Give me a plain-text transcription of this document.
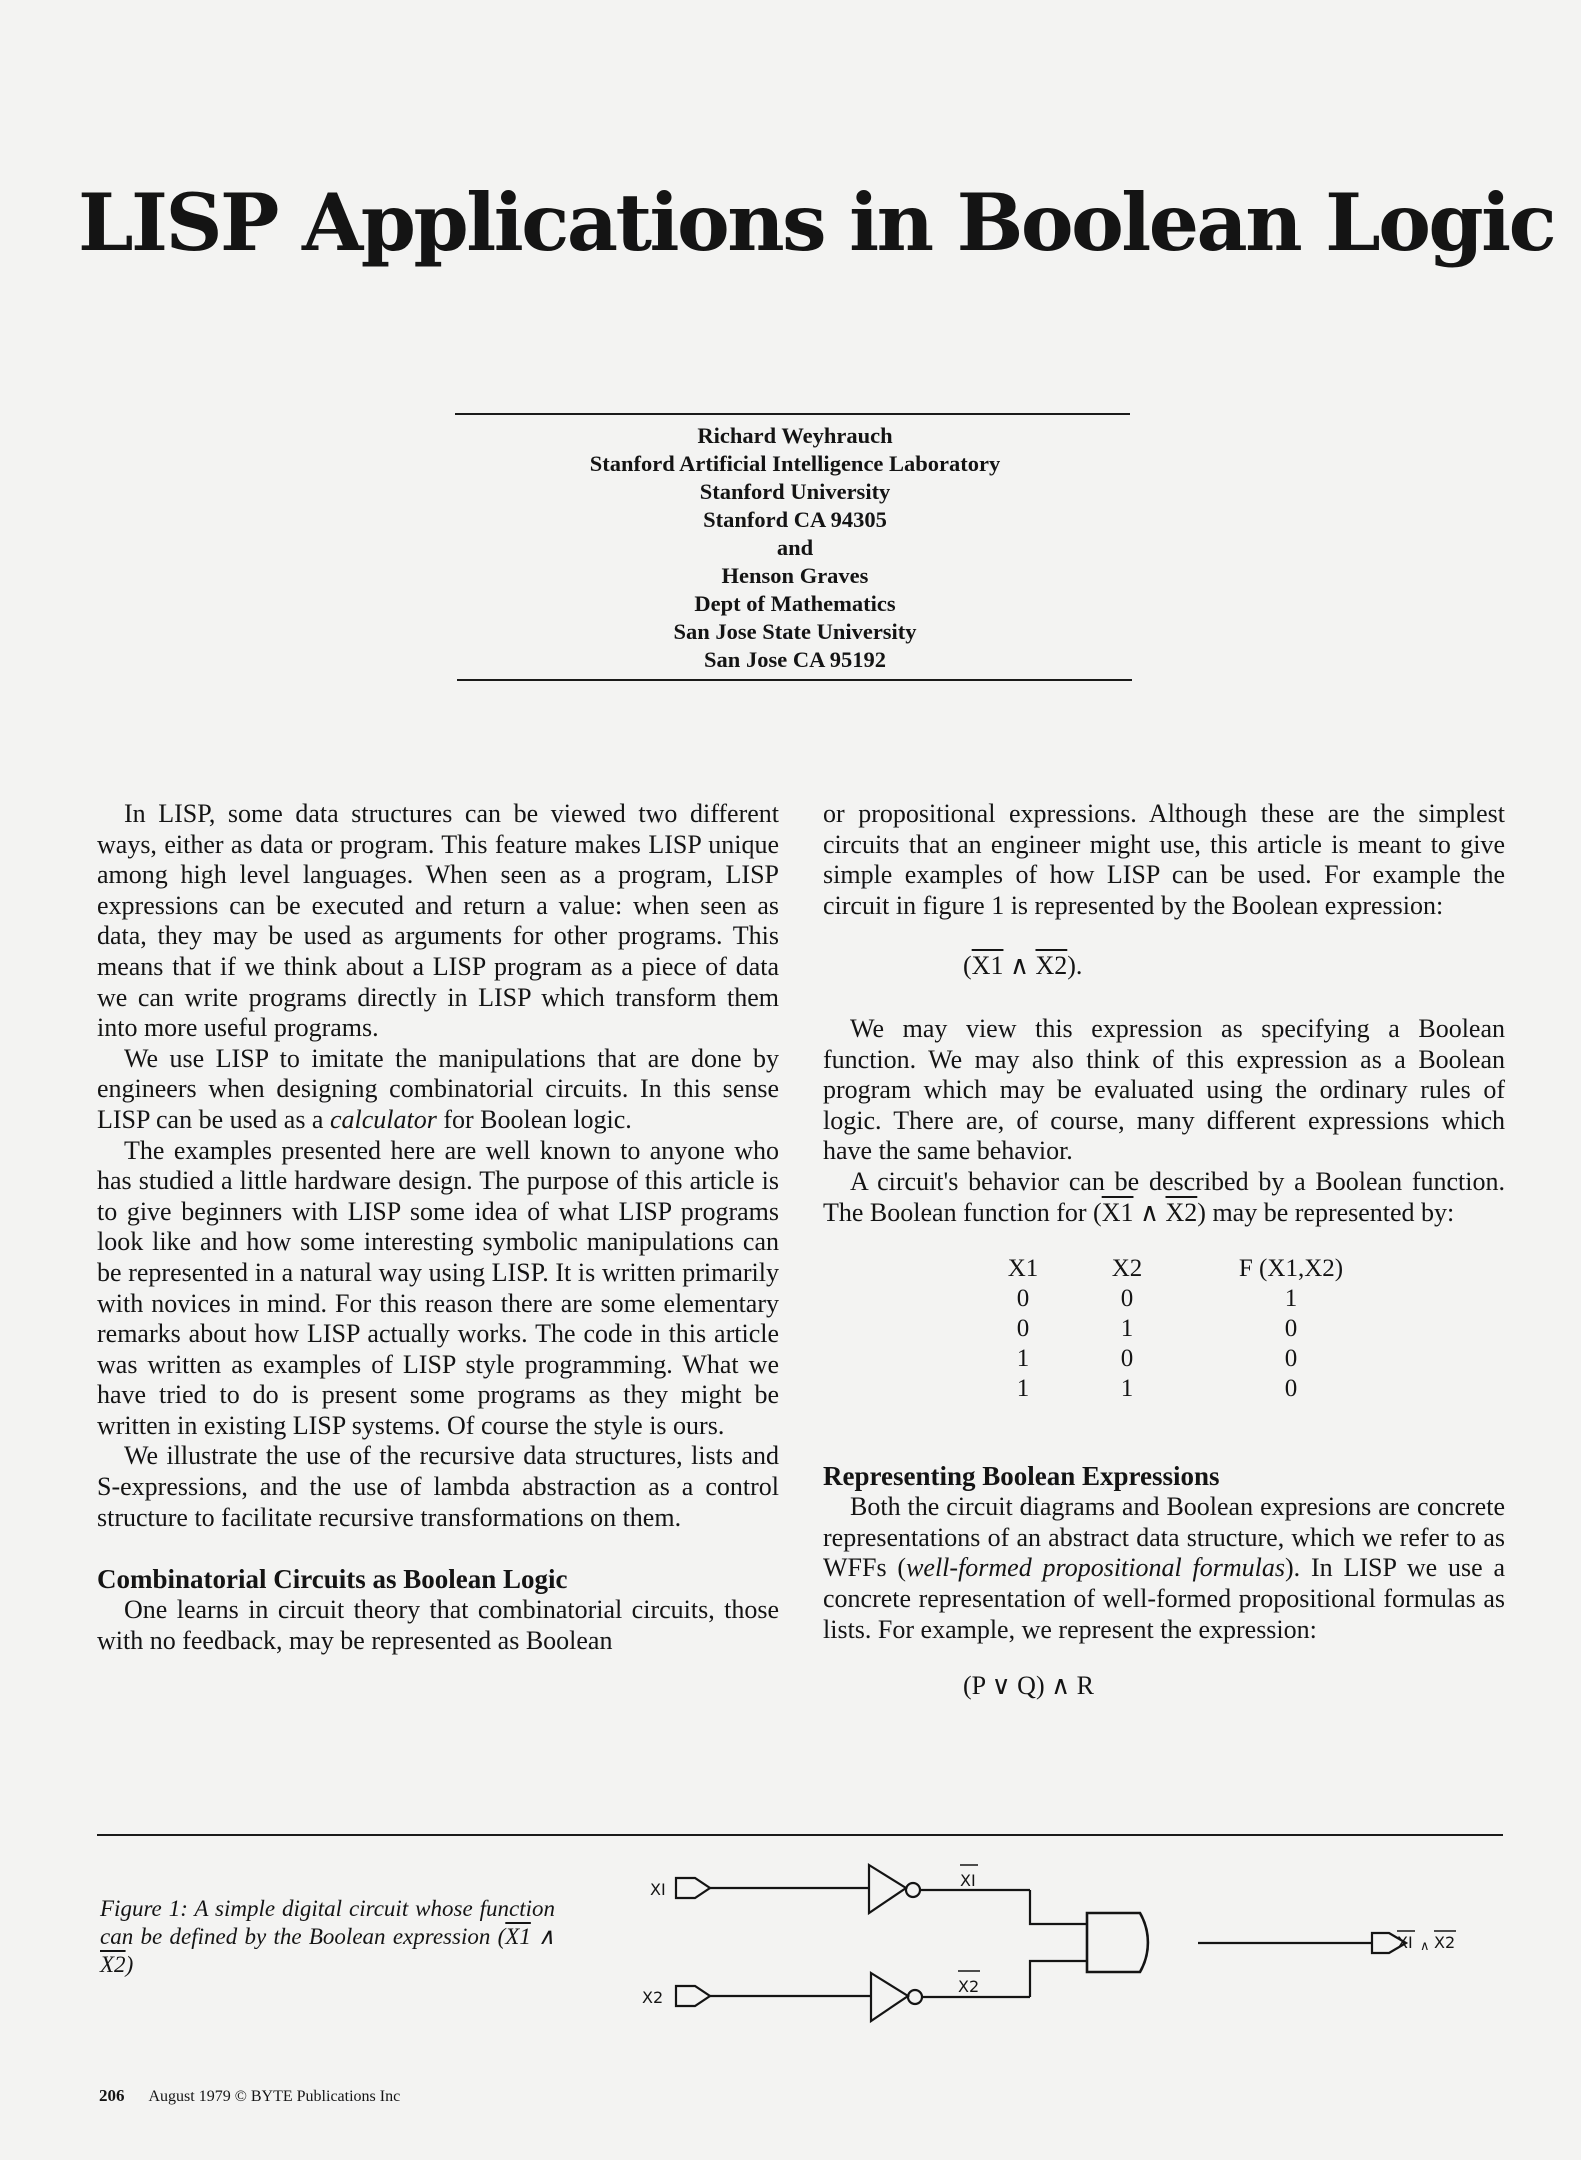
LISP Applications in Boolean Logic
Richard Weyhrauch
Stanford Artificial Intelligence Laboratory
Stanford University
Stanford CA 94305
and
Henson Graves
Dept of Mathematics
San Jose State University
San Jose CA 95192

In LISP, some data structures can be viewed two different ways, either as data or program. This feature makes LISP unique among high level languages. When seen as a program, LISP expressions can be executed and return a value: when seen as data, they may be used as arguments for other programs. This means that if we think about a LISP program as a piece of data we can write programs directly in LISP which transform them into more useful programs.

We use LISP to imitate the manipulations that are done by engineers when designing combinatorial circuits. In this sense LISP can be used as a calculator for Boolean logic.

The examples presented here are well known to anyone who has studied a little hardware design. The purpose of this article is to give beginners with LISP some idea of what LISP programs look like and how some interesting symbolic manipulations can be represented in a natural way using LISP. It is written primarily with novices in mind. For this reason there are some elementary remarks about how LISP actually works. The code in this article was written as examples of LISP style programming. What we have tried to do is present some programs as they might be written in existing LISP systems. Of course the style is ours.

We illustrate the use of the recursive data structures, lists and S-expressions, and the use of lambda abstraction as a control structure to facilitate recursive transformations on them.

Combinatorial Circuits as Boolean Logic

One learns in circuit theory that combinatorial circuits, those with no feedback, may be represented as Boolean

or propositional expressions. Although these are the simplest circuits that an engineer might use, this article is meant to give simple examples of how LISP can be used. For example the circuit in figure 1 is represented by the Boolean expression:

(X1 ∧ X2).

We may view this expression as specifying a Boolean function. We may also think of this expression as a Boolean program which may be evaluated using the ordinary rules of logic. There are, of course, many different expressions which have the same behavior.

A circuit's behavior can be described by a Boolean function. The Boolean function for (X1 ∧ X2) may be represented by:

X1	X2	F (X1,X2)
0	0	1
0	1	0
1	0	0
1	1	0
Representing Boolean Expressions

Both the circuit diagrams and Boolean expresions are concrete representations of an abstract data structure, which we refer to as WFFs (well-formed propositional formulas). In LISP we use a concrete representation of well-formed propositional formulas as lists. For example, we represent the expression:

(P ∨ Q) ∧ R

Figure 1: A simple digital circuit whose function can be defined by the Boolean expression (X1 ∧ X2)
XI
X2
XI
X2
XI ∧ X2
206 August 1979 © BYTE Publications Inc
